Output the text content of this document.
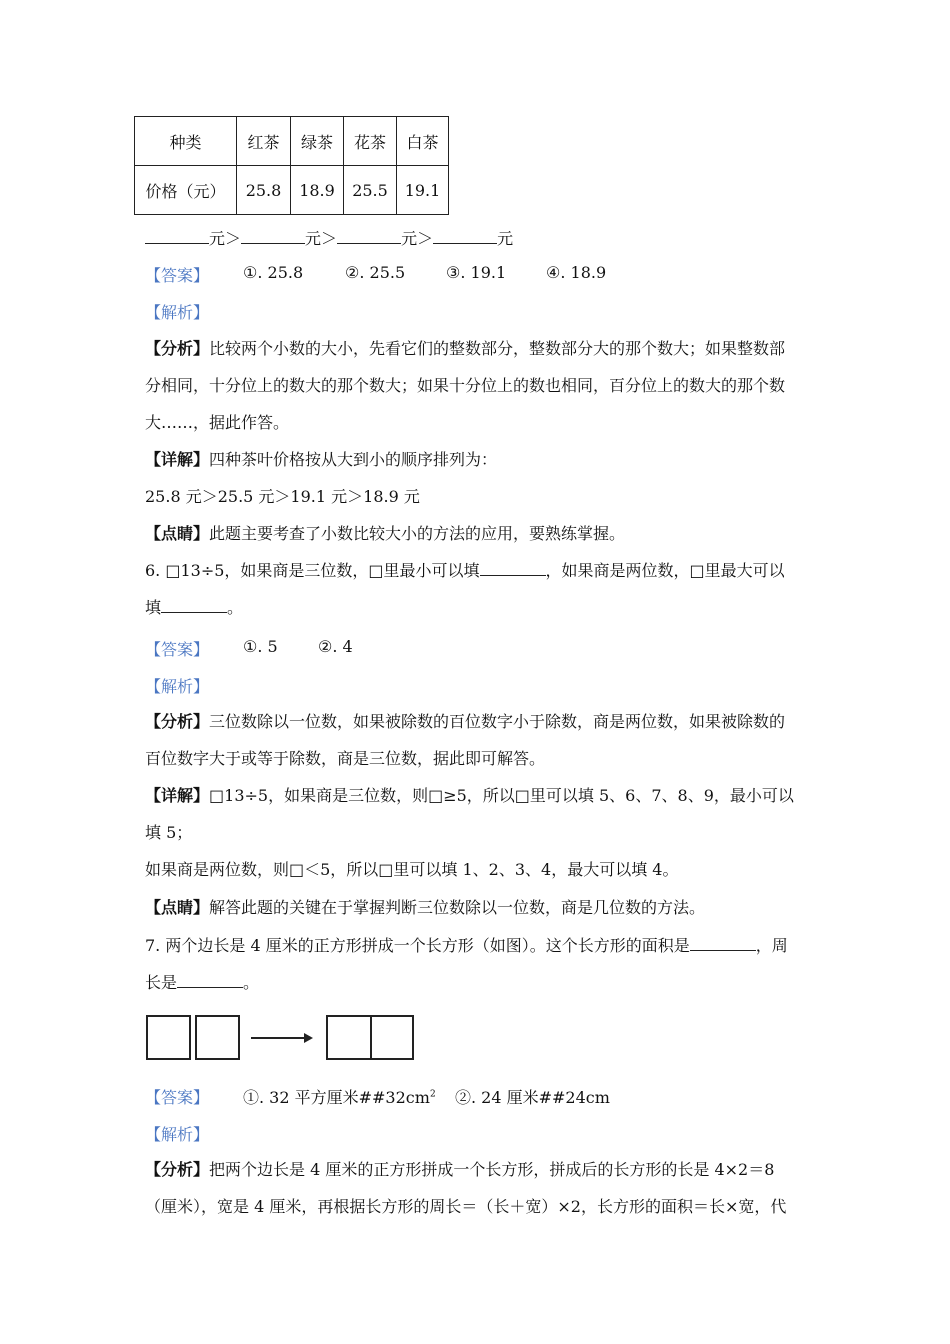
种类	红茶	绿茶	花茶	白茶
价格（元）	25.8	18.9	25.5	19.1
元＞	元＞	元＞	元
【答案】 ①. 25.8	②. 25.5	③. 19.1 ④. 18.9
【解析】
【分析】比较两个小数的大小，先看它们的整数部分，整数部分大的那个数大；如果整数部
分相同，十分位上的数大的那个数大；如果十分位上的数也相同，百分位上的数大的那个数
大……，据此作答。
【详解】四种茶叶价格按从大到小的顺序排列为：
25.8 元＞25.5 元＞19.1 元＞18.9 元
【点睛】此题主要考查了小数比较大小的方法的应用，要熟练掌握。
6. □13÷5，如果商是三位数，□里最小可以填	，如果商是两位数，□里最大可以
填	。
【答案】 ①. 5	②. 4
【解析】
【分析】三位数除以一位数，如果被除数的百位数字小于除数，商是两位数，如果被除数的
百位数字大于或等于除数，商是三位数，据此即可解答。
【详解】□13÷5，如果商是三位数，则□≥5，所以□里可以填 5、6、7、8、9，最小可以
填 5；
如果商是两位数，则□＜5，所以□里可以填 1、2、3、4，最大可以填 4。
【点睛】解答此题的关键在于掌握判断三位数除以一位数，商是几位数的方法。
7. 两个边长是 4 厘米的正方形拼成一个长方形（如图）。这个长方形的面积是	，周
长是	。
【答案】 ①. 32 平方厘米$\#\#32cm^2$ ②. 24 厘米##24cm
【解析】
【分析】把两个边长是 4 厘米的正方形拼成一个长方形，拼成后的长方形的长是 4×2＝8
（厘米），宽是 4 厘米，再根据长方形的周长＝（长＋宽）×2，长方形的面积＝长×宽，代
